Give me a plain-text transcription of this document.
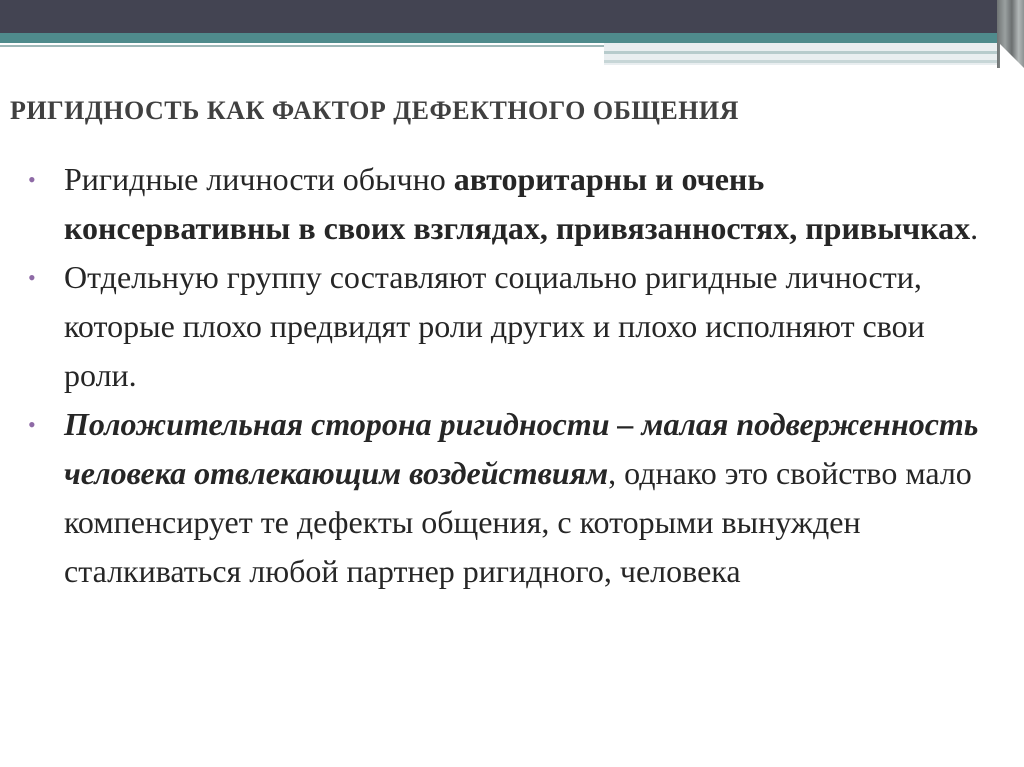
РИГИДНОСТЬ КАК ФАКТОР ДЕФЕКТНОГО ОБЩЕНИЯ

• Ригидные личности обычно авторитарны и очень консервативны в своих взглядах, привязанностях, привычках.

• Отдельную группу составляют социально ригидные личности, которые плохо предвидят роли других и плохо исполняют свои роли.

• Положительная сторона ригидности – малая подверженность человека отвлекающим воздействиям, однако это свойство мало компенсирует те дефекты общения, с которыми вынужден сталкиваться любой партнер ригидного, человека
